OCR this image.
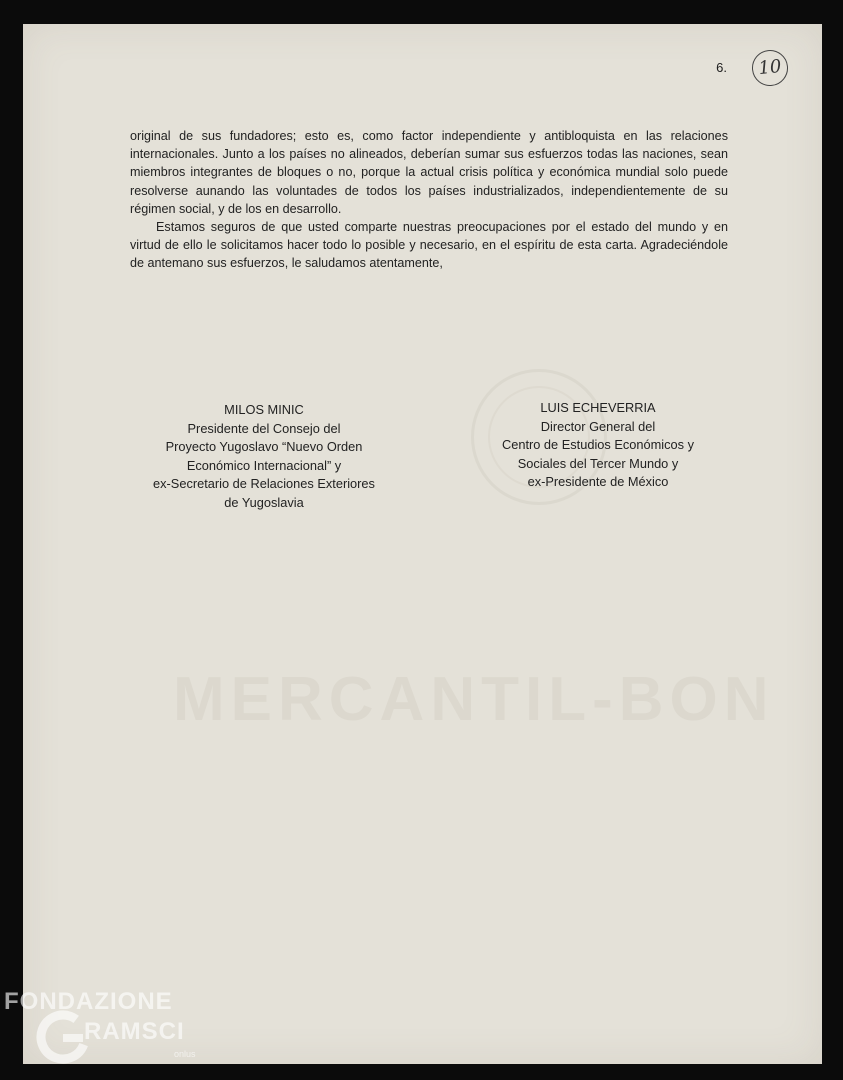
6.	10

original de sus fundadores; esto es, como factor independiente y antibloquista en las relaciones internacionales. Junto a los países no alineados, deberían sumar sus esfuerzos todas las naciones, sean miembros integrantes de bloques o no, porque la actual crisis política y económica mundial solo puede resolverse aunando las voluntades de todos los países industrializados, independientemente de su régimen social, y de los en desarrollo.

Estamos seguros de que usted comparte nuestras preocupaciones por el estado del mundo y en virtud de ello le solicitamos hacer todo lo posible y necesario, en el espíritu de esta carta. Agradeciéndole de antemano sus esfuerzos, le saludamos atentamente,

MILOS MINIC
Presidente del Consejo del
Proyecto Yugoslavo “Nuevo Orden
Económico Internacional” y
ex-Secretario de Relaciones Exteriores
de Yugoslavia
LUIS ECHEVERRIA
Director General del
Centro de Estudios Económicos y
Sociales del Tercer Mundo y
ex-Presidente de México
MERCANTIL-BON
FONDAZIONE
RAMSCI
onlus
